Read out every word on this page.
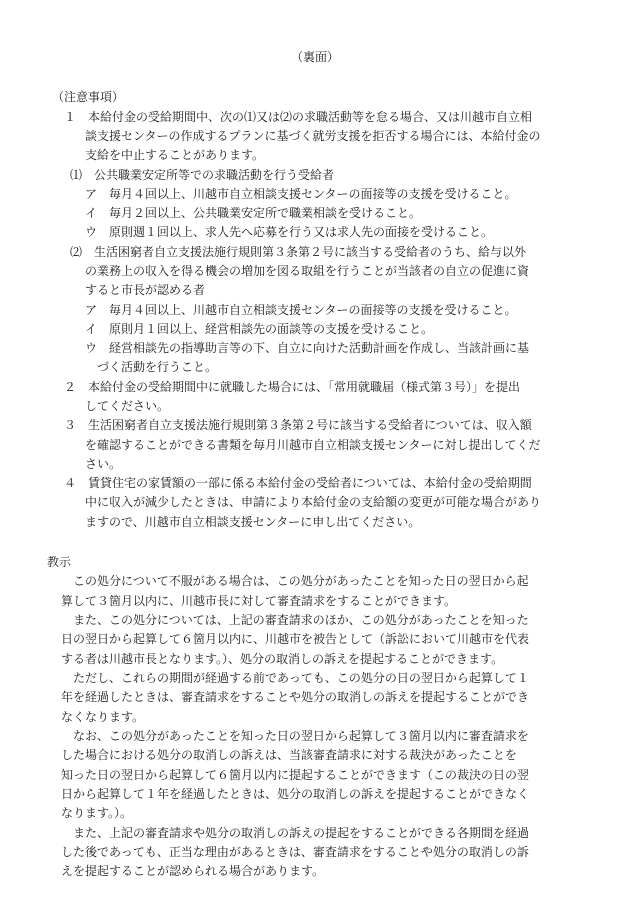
（裏面）
（注意事項）
１　本給付金の受給期間中、次の⑴又は⑵の求職活動等を怠る場合、又は川越市自立相
談支援センターの作成するプランに基づく就労支援を拒否する場合には、本給付金の
支給を中止することがあります。
⑴　公共職業安定所等での求職活動を行う受給者
ア　毎月４回以上、川越市自立相談支援センターの面接等の支援を受けること。
イ　毎月２回以上、公共職業安定所で職業相談を受けること。
ウ　原則週１回以上、求人先へ応募を行う又は求人先の面接を受けること。
⑵　生活困窮者自立支援法施行規則第３条第２号に該当する受給者のうち、給与以外
の業務上の収入を得る機会の増加を図る取組を行うことが当該者の自立の促進に資
すると市長が認める者
ア　毎月４回以上、川越市自立相談支援センターの面接等の支援を受けること。
イ　原則月１回以上、経営相談先の面談等の支援を受けること。
ウ　経営相談先の指導助言等の下、自立に向けた活動計画を作成し、当該計画に基
づく活動を行うこと。
２　本給付金の受給期間中に就職した場合には、「常用就職届（様式第３号）」を提出
してください。
３　生活困窮者自立支援法施行規則第３条第２号に該当する受給者については、収入額
を確認することができる書類を毎月川越市自立相談支援センターに対し提出してくだ
さい。
４　賃貸住宅の家賃額の一部に係る本給付金の受給者については、本給付金の受給期間
中に収入が減少したときは、申請により本給付金の支給額の変更が可能な場合があり
ますので、川越市自立相談支援センターに申し出てください。
教示
この処分について不服がある場合は、この処分があったことを知った日の翌日から起
算して３箇月以内に、川越市長に対して審査請求をすることができます。
また、この処分については、上記の審査請求のほか、この処分があったことを知った
日の翌日から起算して６箇月以内に、川越市を被告として（訴訟において川越市を代表
する者は川越市長となります。）、処分の取消しの訴えを提起することができます。
ただし、これらの期間が経過する前であっても、この処分の日の翌日から起算して１
年を経過したときは、審査請求をすることや処分の取消しの訴えを提起することができ
なくなります。
なお、この処分があったことを知った日の翌日から起算して３箇月以内に審査請求を
した場合における処分の取消しの訴えは、当該審査請求に対する裁決があったことを
知った日の翌日から起算して６箇月以内に提起することができます（この裁決の日の翌
日から起算して１年を経過したときは、処分の取消しの訴えを提起することができなく
なります。）。
また、上記の審査請求や処分の取消しの訴えの提起をすることができる各期間を経過
した後であっても、正当な理由があるときは、審査請求をすることや処分の取消しの訴
えを提起することが認められる場合があります。
